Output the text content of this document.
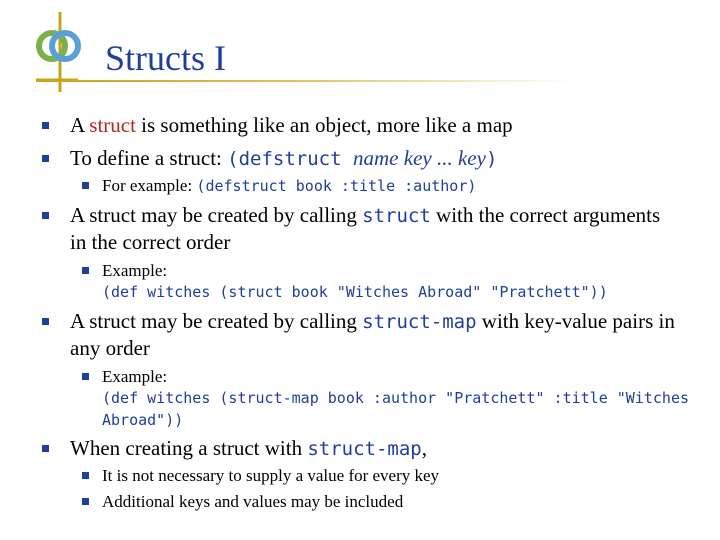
Structs I
A struct is something like an object, more like a map
To define a struct: (defstruct name key ... key)
For example: (defstruct book :title :author)
A struct may be created by calling struct with the correct arguments in the correct order
Example:
(def witches (struct book "Witches Abroad" "Pratchett"))
A struct may be created by calling struct-map with key-value pairs in any order
Example:
(def witches (struct-map book :author "Pratchett" :title "Witches Abroad"))
When creating a struct with struct-map,
It is not necessary to supply a value for every key
Additional keys and values may be included
